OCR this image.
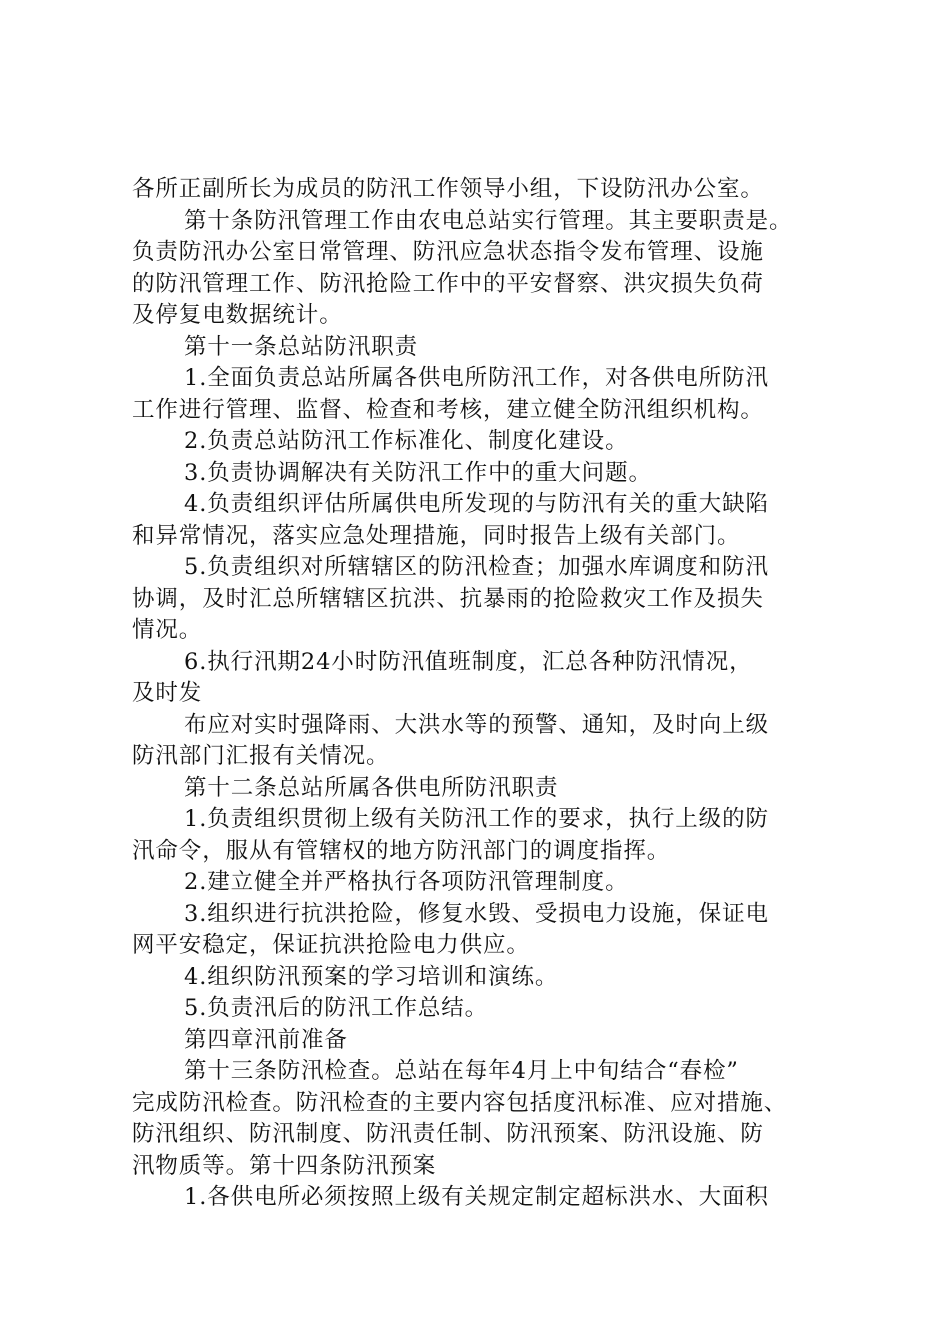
各所正副所长为成员的防汛工作领导小组，下设防汛办公室。
第十条防汛管理工作由农电总站实行管理。其主要职责是。
负责防汛办公室日常管理、防汛应急状态指令发布管理、设施
的防汛管理工作、防汛抢险工作中的平安督察、洪灾损失负荷
及停复电数据统计。
第十一条总站防汛职责
1.全面负责总站所属各供电所防汛工作，对各供电所防汛
工作进行管理、监督、检查和考核，建立健全防汛组织机构。
2.负责总站防汛工作标准化、制度化建设。
3.负责协调解决有关防汛工作中的重大问题。
4.负责组织评估所属供电所发现的与防汛有关的重大缺陷
和异常情况，落实应急处理措施，同时报告上级有关部门。
5.负责组织对所辖辖区的防汛检查；加强水库调度和防汛
协调，及时汇总所辖辖区抗洪、抗暴雨的抢险救灾工作及损失
情况。
6.执行汛期24小时防汛值班制度，汇总各种防汛情况，
及时发
布应对实时强降雨、大洪水等的预警、通知，及时向上级
防汛部门汇报有关情况。
第十二条总站所属各供电所防汛职责
1.负责组织贯彻上级有关防汛工作的要求，执行上级的防
汛命令，服从有管辖权的地方防汛部门的调度指挥。
2.建立健全并严格执行各项防汛管理制度。
3.组织进行抗洪抢险，修复水毁、受损电力设施，保证电
网平安稳定，保证抗洪抢险电力供应。
4.组织防汛预案的学习培训和演练。
5.负责汛后的防汛工作总结。
第四章汛前准备
第十三条防汛检查。总站在每年4月上中旬结合“春检”
完成防汛检查。防汛检查的主要内容包括度汛标准、应对措施、
防汛组织、防汛制度、防汛责任制、防汛预案、防汛设施、防
汛物质等。第十四条防汛预案
1.各供电所必须按照上级有关规定制定超标洪水、大面积
